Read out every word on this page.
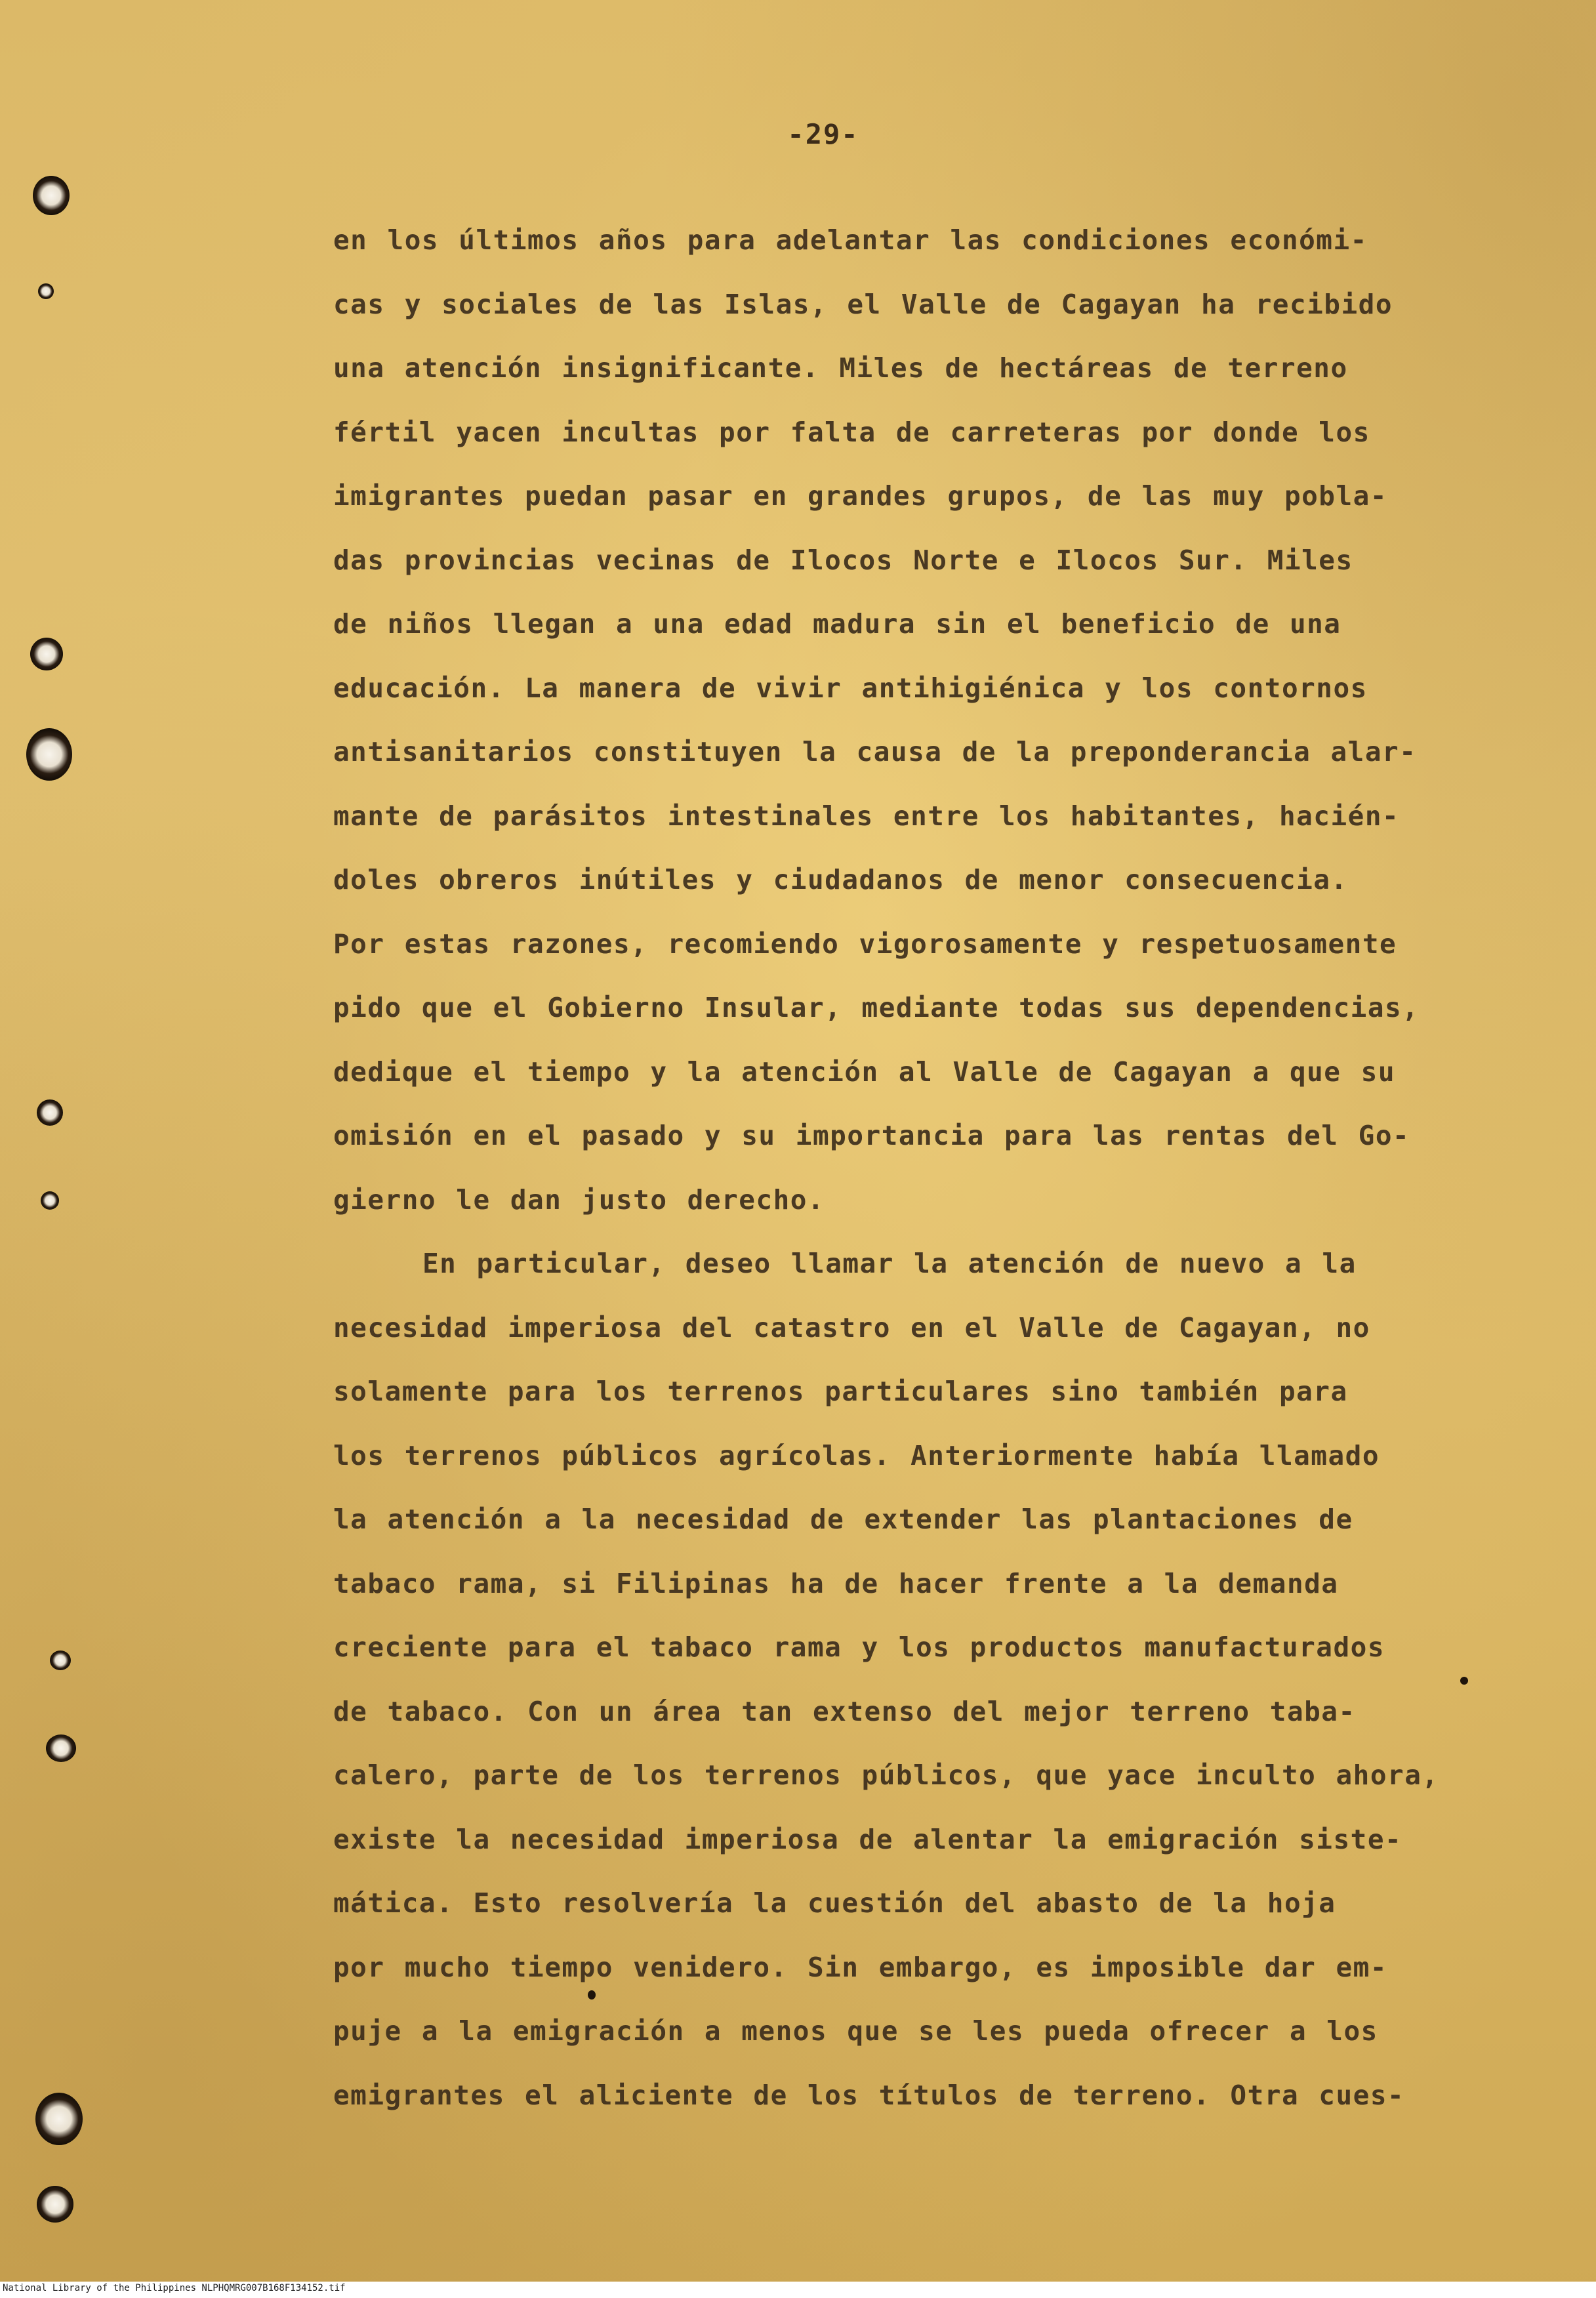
-29-
en los últimos años para adelantar las condiciones económi-
cas y sociales de las Islas, el Valle de Cagayan ha recibido
una atención insignificante. Miles de hectáreas de terreno
fértil yacen incultas por falta de carreteras por donde los
imigrantes puedan pasar en grandes grupos, de las muy pobla-
das provincias vecinas de Ilocos Norte e Ilocos Sur. Miles
de niños llegan a una edad madura sin el beneficio de una
educación. La manera de vivir antihigiénica y los contornos
antisanitarios constituyen la causa de la preponderancia alar-
mante de parásitos intestinales entre los habitantes, hacién-
doles obreros inútiles y ciudadanos de menor consecuencia.
Por estas razones, recomiendo vigorosamente y respetuosamente
pido que el Gobierno Insular, mediante todas sus dependencias,
dedique el tiempo y la atención al Valle de Cagayan a que su
omisión en el pasado y su importancia para las rentas del Go-
gierno le dan justo derecho.
En particular, deseo llamar la atención de nuevo a la
necesidad imperiosa del catastro en el Valle de Cagayan, no
solamente para los terrenos particulares sino también para
los terrenos públicos agrícolas. Anteriormente había llamado
la atención a la necesidad de extender las plantaciones de
tabaco rama, si Filipinas ha de hacer frente a la demanda
creciente para el tabaco rama y los productos manufacturados
de tabaco. Con un área tan extenso del mejor terreno taba-
calero, parte de los terrenos públicos, que yace inculto ahora,
existe la necesidad imperiosa de alentar la emigración siste-
mática. Esto resolvería la cuestión del abasto de la hoja
por mucho tiempo venidero. Sin embargo, es imposible dar em-
puje a la emigración a menos que se les pueda ofrecer a los
emigrantes el aliciente de los títulos de terreno. Otra cues-
National Library of the Philippines NLPHQMRG007B168F134152.tif
